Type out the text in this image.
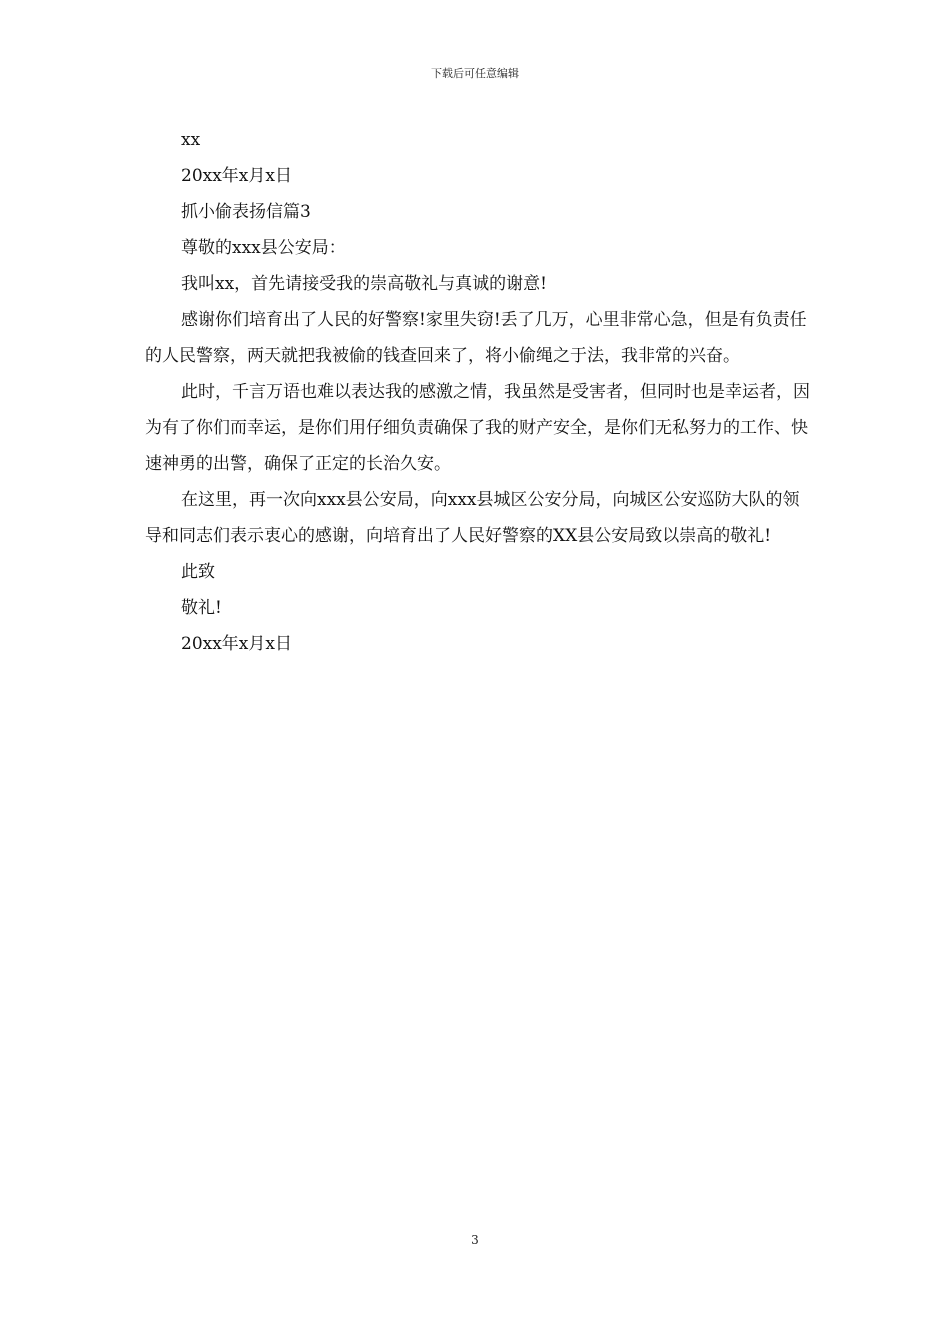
下载后可任意编辑

xx

20xx年x月x日

抓小偷表扬信篇3

尊敬的xxx县公安局：

我叫xx，首先请接受我的崇高敬礼与真诚的谢意!

感谢你们培育出了人民的好警察!家里失窃!丢了几万，心里非常心急，但是有负责任的人民警察，两天就把我被偷的钱查回来了，将小偷绳之于法，我非常的兴奋。

此时，千言万语也难以表达我的感激之情，我虽然是受害者，但同时也是幸运者，因为有了你们而幸运，是你们用仔细负责确保了我的财产安全，是你们无私努力的工作、快速神勇的出警，确保了正定的长治久安。

在这里，再一次向xxx县公安局，向xxx县城区公安分局，向城区公安巡防大队的领导和同志们表示衷心的感谢，向培育出了人民好警察的XX县公安局致以崇高的敬礼!

此致

敬礼!

20xx年x月x日

3
